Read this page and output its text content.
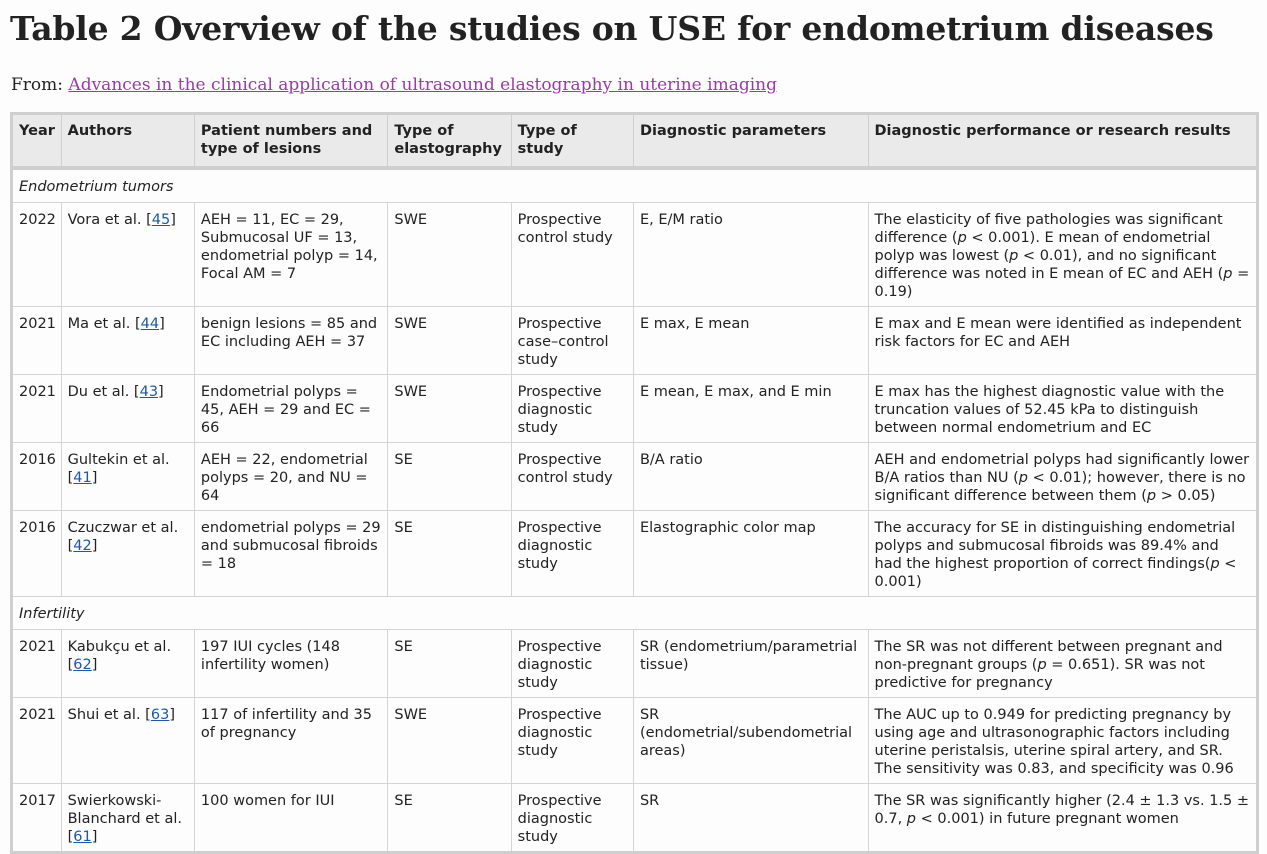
Table 2 Overview of the studies on USE for endometrium diseases
From: Advances in the clinical application of ultrasound elastography in uterine imaging
Year	Authors	Patient numbers and type of lesions	Type of elastography	Type of study	Diagnostic parameters	Diagnostic performance or research results
Endometrium tumors						
2022	Vora et al. [45]	AEH = 11, EC = 29, Submucosal UF = 13, endometrial polyp = 14, Focal AM = 7	SWE	Prospective control study	E, E/M ratio	The elasticity of five pathologies was significant difference (p < 0.001). E mean of endometrial polyp was lowest (p < 0.01), and no significant difference was noted in E mean of EC and AEH (p = 0.19)
2021	Ma et al. [44]	benign lesions = 85 and EC including AEH = 37	SWE	Prospective case–control study	E max, E mean	E max and E mean were identified as independent risk factors for EC and AEH
2021	Du et al. [43]	Endometrial polyps = 45, AEH = 29 and EC = 66	SWE	Prospective diagnostic study	E mean, E max, and E min	E max has the highest diagnostic value with the truncation values of 52.45 kPa to distinguish between normal endometrium and EC
2016	Gultekin et al. [41]	AEH = 22, endometrial polyps = 20, and NU = 64	SE	Prospective control study	B/A ratio	AEH and endometrial polyps had significantly lower B/A ratios than NU (p < 0.01); however, there is no significant difference between them (p > 0.05)
2016	Czuczwar et al. [42]	endometrial polyps = 29 and submucosal fibroids = 18	SE	Prospective diagnostic study	Elastographic color map	The accuracy for SE in distinguishing endometrial polyps and submucosal fibroids was 89.4% and had the highest proportion of correct findings(p < 0.001)
Infertility						
2021	Kabukçu et al. [62]	197 IUI cycles (148 infertility women)	SE	Prospective diagnostic study	SR (endometrium/parametrial tissue)	The SR was not different between pregnant and non-pregnant groups (p = 0.651). SR was not predictive for pregnancy
2021	Shui et al. [63]	117 of infertility and 35 of pregnancy	SWE	Prospective diagnostic study	SR (endometrial/subendometrial areas)	The AUC up to 0.949 for predicting pregnancy by using age and ultrasonographic factors including uterine peristalsis, uterine spiral artery, and SR. The sensitivity was 0.83, and specificity was 0.96
2017	Swierkowski-Blanchard et al. [61]	100 women for IUI	SE	Prospective diagnostic study	SR	The SR was significantly higher (2.4 ± 1.3 vs. 1.5 ± 0.7, p < 0.001) in future pregnant women
